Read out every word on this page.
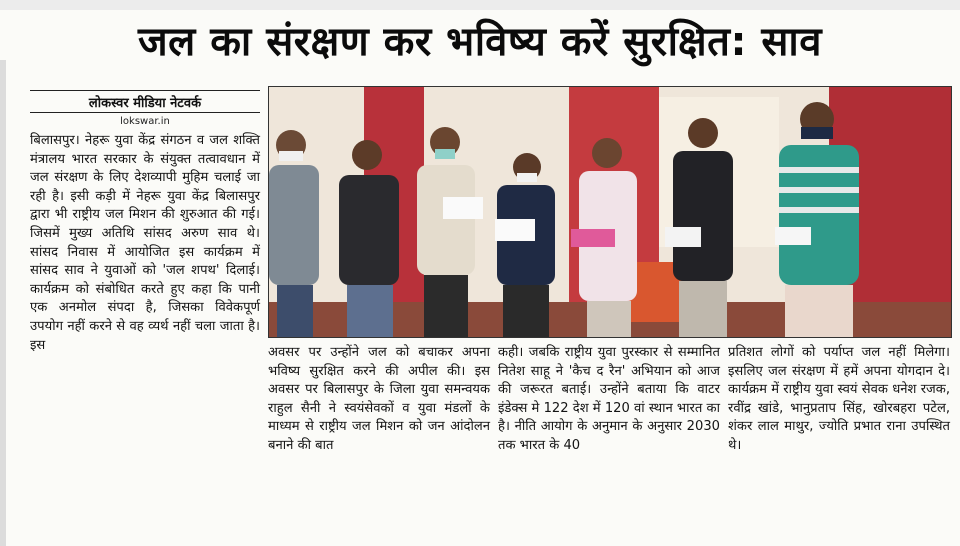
जल का संरक्षण कर भविष्य करें सुरक्षित: साव
लोकस्वर मीडिया नेटवर्क
lokswar.in
बिलासपुर। नेहरू युवा केंद्र संगठन व जल शक्ति मंत्रालय भारत सरकार के संयुक्त तत्वावधान में जल संरक्षण के लिए देशव्यापी मुहिम चलाई जा रही है। इसी कड़ी में नेहरू युवा केंद्र बिलासपुर द्वारा भी राष्ट्रीय जल मिशन की शुरुआत की गई। जिसमें मुख्य अतिथि सांसद अरुण साव थे। सांसद निवास में आयोजित इस कार्यक्रम में सांसद साव ने युवाओं को 'जल शपथ' दिलाई। कार्यक्रम को संबोधित करते हुए कहा कि पानी एक अनमोल संपदा है, जिसका विवेकपूर्ण उपयोग नहीं करने से वह व्यर्थ नहीं चला जाता है। इस	अवसर पर उन्होंने जल को बचाकर अपना भविष्य सुरक्षित करने की अपील की। इस अवसर पर बिलासपुर के जिला युवा समन्वयक राहुल सैनी ने स्वयंसेवकों व युवा मंडलों के माध्यम से राष्ट्रीय जल मिशन को जन आंदोलन बनाने की बात
कही। जबकि राष्ट्रीय युवा पुरस्कार से सम्मानित नितेश साहू ने 'कैच द रैन' अभियान को आज की जरूरत बताई। उन्होंने बताया कि वाटर इंडेक्स मे 122 देश में 120 वां स्थान भारत का है। नीति आयोग के अनुमान के अनुसार 2030 तक भारत के 40
प्रतिशत लोगों को पर्याप्त जल नहीं मिलेगा। इसलिए जल संरक्षण में हमें अपना योगदान दे। कार्यक्रम में राष्ट्रीय युवा स्वयं सेवक धनेश रजक, रवींद्र खांडे, भानुप्रताप सिंह, खोरबहरा पटेल, शंकर लाल माथुर, ज्योति प्रभात राना उपस्थित थे।
